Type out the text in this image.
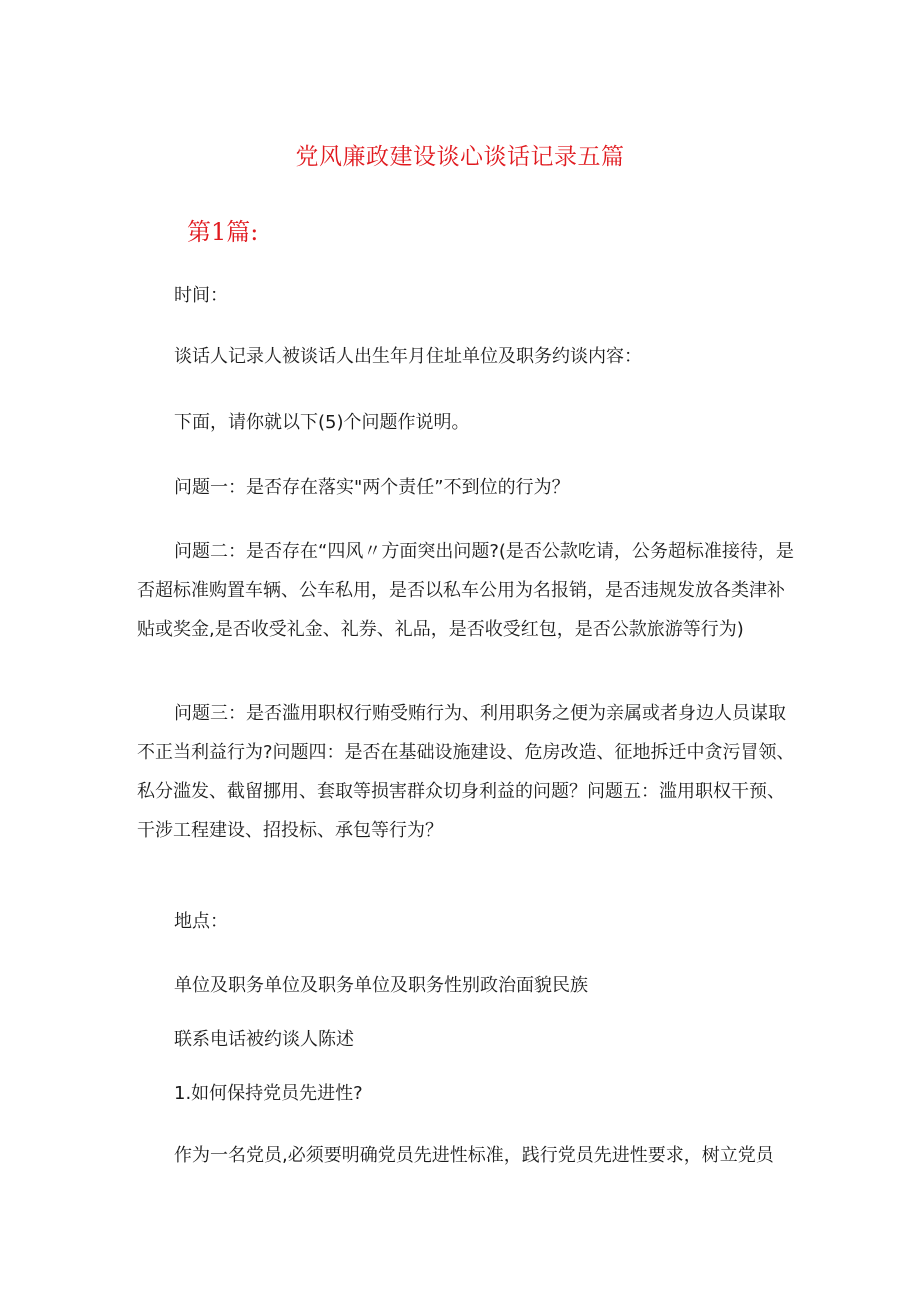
党风廉政建设谈心谈话记录五篇
第1篇:

时间：

谈话人记录人被谈话人出生年月住址单位及职务约谈内容：

下面，请你就以下(5)个问题作说明。

问题一：是否存在落实"两个责任”不到位的行为？

问题二：是否存在“四风〃方面突出问题?(是否公款吃请，公务超标准接待，是否超标准购置车辆、公车私用，是否以私车公用为名报销，是否违规发放各类津补贴或奖金,是否收受礼金、礼券、礼品，是否收受红包，是否公款旅游等行为)

问题三：是否滥用职权行贿受贿行为、利用职务之便为亲属或者身边人员谋取不正当利益行为?问题四：是否在基础设施建设、危房改造、征地拆迁中贪污冒领、私分滥发、截留挪用、套取等损害群众切身利益的问题？问题五：滥用职权干预、干涉工程建设、招投标、承包等行为？

地点：

单位及职务单位及职务单位及职务性别政治面貌民族

联系电话被约谈人陈述

1.如何保持党员先进性?

作为一名党员,必须要明确党员先进性标准，践行党员先进性要求，树立党员
